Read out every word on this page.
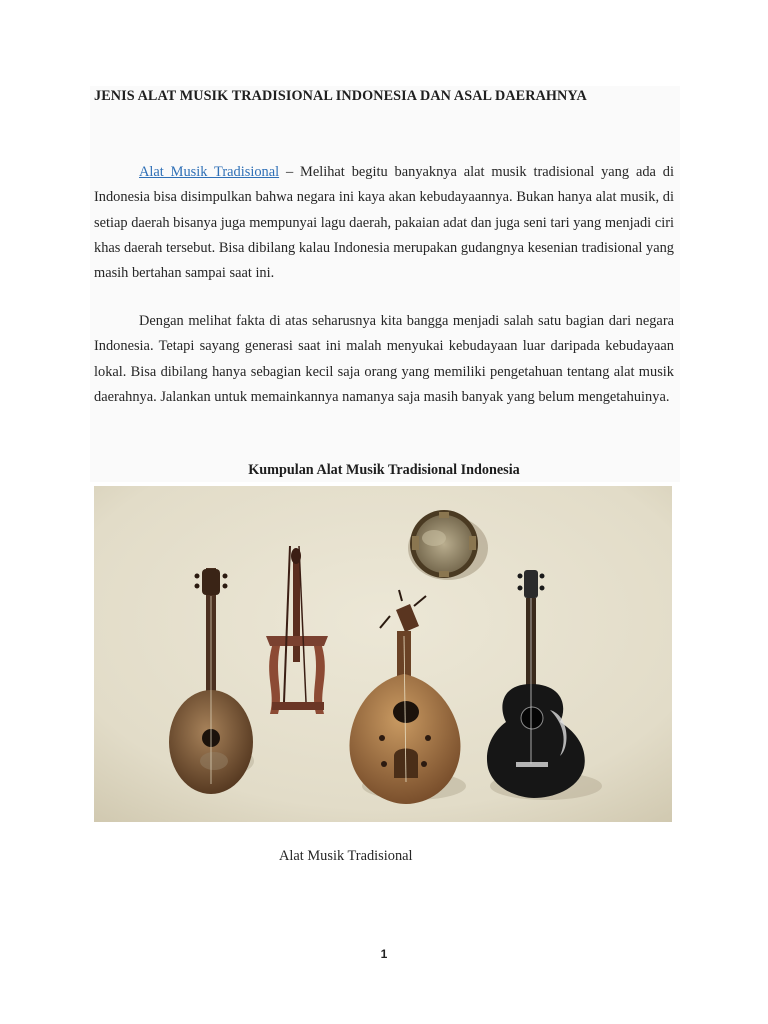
JENIS ALAT MUSIK TRADISIONAL INDONESIA DAN ASAL DAERAHNYA

Alat Musik Tradisional – Melihat begitu banyaknya alat musik tradisional yang ada di Indonesia bisa disimpulkan bahwa negara ini kaya akan kebudayaannya. Bukan hanya alat musik, di setiap daerah bisanya juga mempunyai lagu daerah, pakaian adat dan juga seni tari yang menjadi ciri khas daerah tersebut. Bisa dibilang kalau Indonesia merupakan gudangnya kesenian tradisional yang masih bertahan sampai saat ini.

Dengan melihat fakta di atas seharusnya kita bangga menjadi salah satu bagian dari negara Indonesia. Tetapi sayang generasi saat ini malah menyukai kebudayaan luar daripada kebudayaan lokal. Bisa dibilang hanya sebagian kecil saja orang yang memiliki pengetahuan tentang alat musik daerahnya. Jalankan untuk memainkannya namanya saja masih banyak yang belum mengetahuinya.

Kumpulan Alat Musik Tradisional Indonesia
Alat Musik Tradisional
1
